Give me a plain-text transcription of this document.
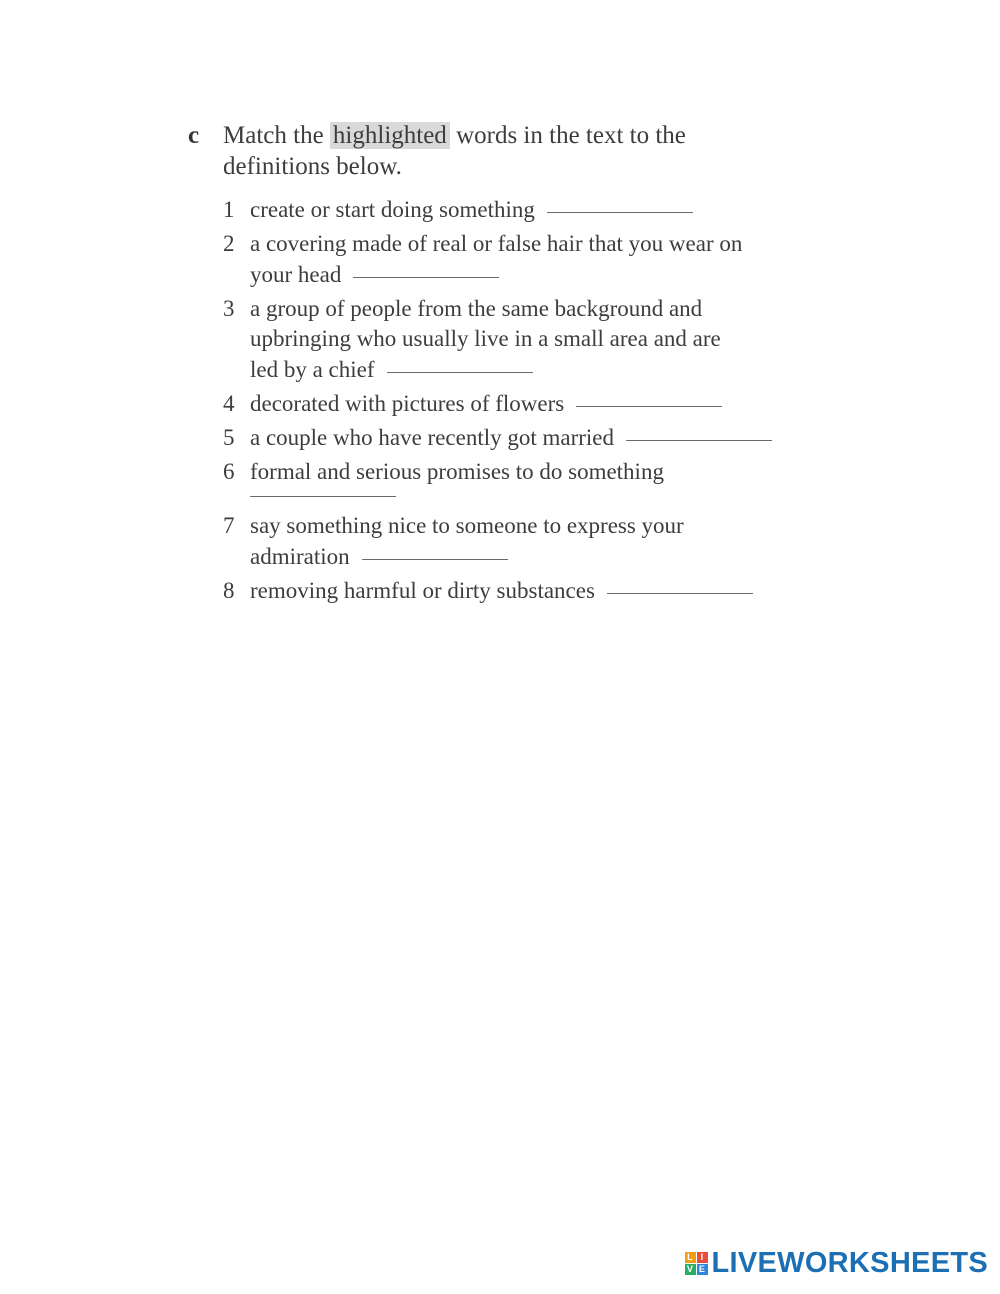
c Match the highlighted words in the text to the
definitions below.
1 create or start doing something
2 a covering made of real or false hair that you wear on
your head
3 a group of people from the same background and
upbringing who usually live in a small area and are
led by a chief
4 decorated with pictures of flowers
5 a couple who have recently got married
6 formal and serious promises to do something
7 say something nice to someone to express your
admiration
8 removing harmful or dirty substances
L I
V E LIVEWORKSHEETS
